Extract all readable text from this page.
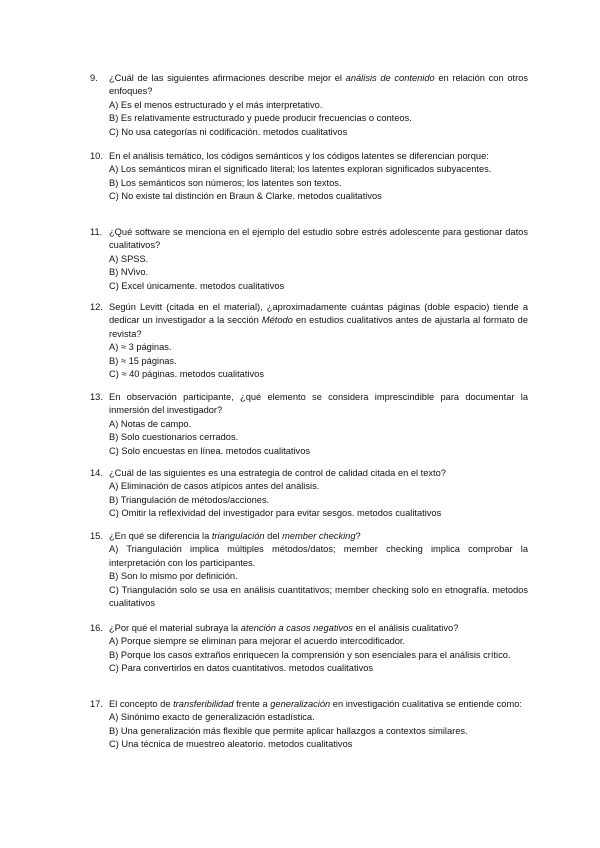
9.	¿Cuál de las siguientes afirmaciones describe mejor el análisis de contenido en relación con otros enfoques?
A) Es el menos estructurado y el más interpretativo.
B) Es relativamente estructurado y puede producir frecuencias o conteos.
C) No usa categorías ni codificación. metodos cualitativos
10. En el análisis temático, los códigos semánticos y los códigos latentes se diferencian porque:
A) Los semánticos miran el significado literal; los latentes exploran significados subyacentes.
B) Los semánticos son números; los latentes son textos.
C) No existe tal distinción en Braun & Clarke. metodos cualitativos
11. ¿Qué software se menciona en el ejemplo del estudio sobre estrés adolescente para gestionar datos cualitativos?
A) SPSS.
B) NVivo.
C) Excel únicamente. metodos cualitativos
12. Según Levitt (citada en el material), ¿aproximadamente cuántas páginas (doble espacio) tiende a dedicar un investigador a la sección Método en estudios cualitativos antes de ajustarla al formato de revista?
A) ≈ 3 páginas.
B) ≈ 15 páginas.
C) ≈ 40 páginas. metodos cualitativos
13. En observación participante, ¿qué elemento se considera imprescindible para documentar la inmersión del investigador?
A) Notas de campo.
B) Solo cuestionarios cerrados.
C) Solo encuestas en línea. metodos cualitativos
14. ¿Cuál de las siguientes es una estrategia de control de calidad citada en el texto?
A) Eliminación de casos atípicos antes del análisis.
B) Triangulación de métodos/acciones.
C) Omitir la reflexividad del investigador para evitar sesgos. metodos cualitativos
15. ¿En qué se diferencia la triangulación del member checking?
A) Triangulación implica múltiples métodos/datos; member checking implica comprobar la interpretación con los participantes.
B) Son lo mismo por definición.
C) Triangulación solo se usa en análisis cuantitativos; member checking solo en etnografía. metodos cualitativos
16. ¿Por qué el material subraya la atención a casos negativos en el análisis cualitativo?
A) Porque siempre se eliminan para mejorar el acuerdo intercodificador.
B) Porque los casos extraños enriquecen la comprensión y son esenciales para el análisis crítico.
C) Para convertirlos en datos cuantitativos. metodos cualitativos
17. El concepto de transferibilidad frente a generalización en investigación cualitativa se entiende como:
A) Sinónimo exacto de generalización estadística.
B) Una generalización más flexible que permite aplicar hallazgos a contextos similares.
C) Una técnica de muestreo aleatorio. metodos cualitativos
